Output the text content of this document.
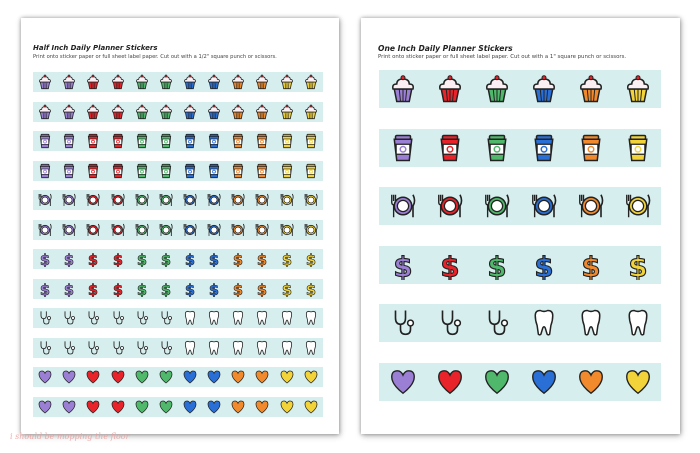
Half Inch Daily Planner Stickers
Print onto sticker paper or full sheet label paper. Cut out with a 1/2" square punch or scissors.
$ $ $ $ $ $ $ $ $ $ $ $
$ $ $ $ $ $ $ $ $ $ $ $
One Inch Daily Planner Stickers
Print onto sticker paper or full sheet label paper. Cut out with a 1" square punch or scissors.
$ $ $ $ $ $
i should be mopping the floor
